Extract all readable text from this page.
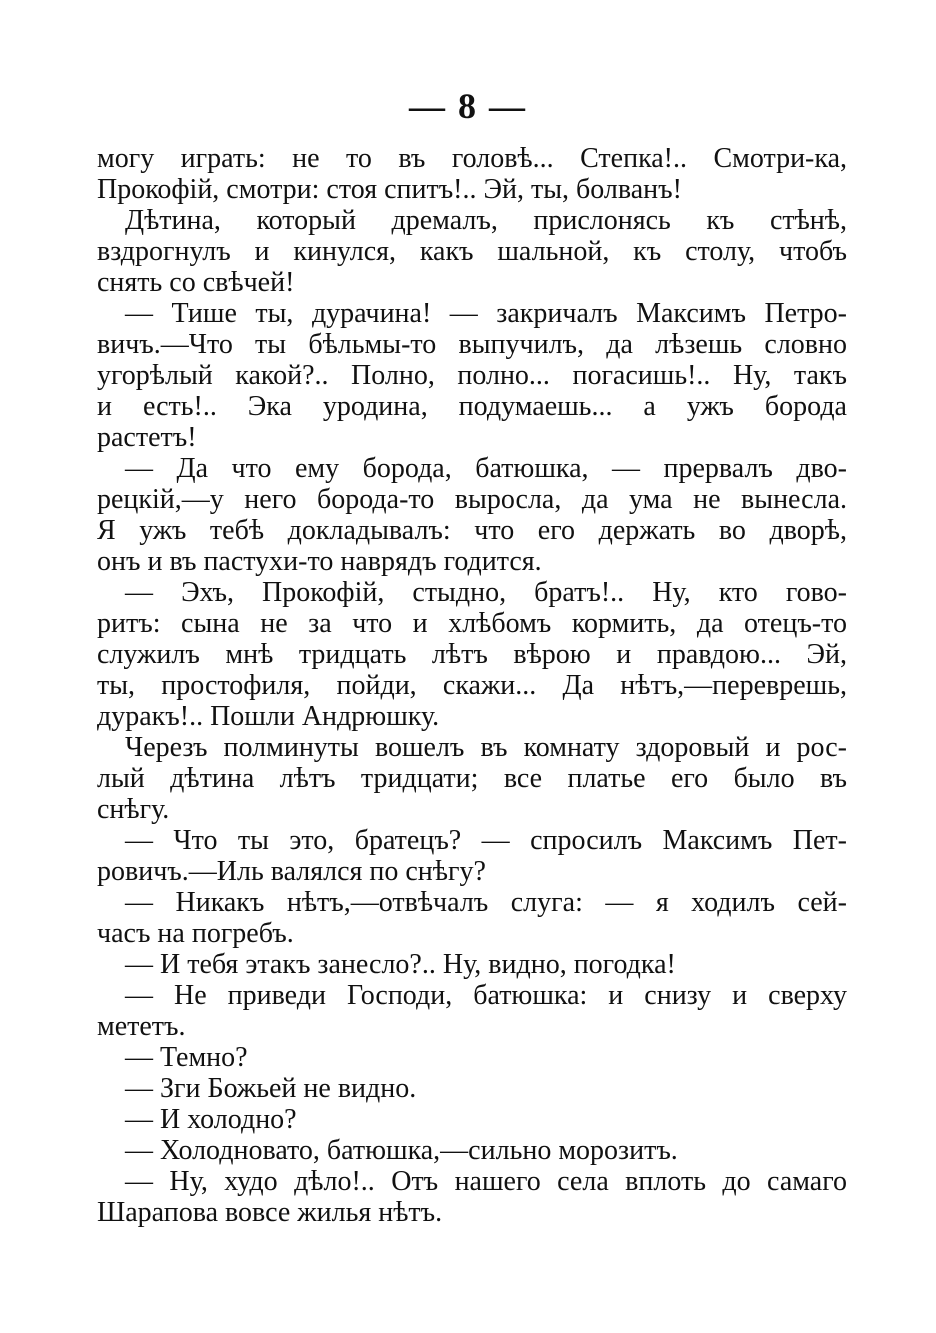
— 8 —
могу играть: не то въ головѣ... Степка!.. Смотри-ка,
Прокофій, смотри: стоя спитъ!.. Эй, ты, болванъ!
Дѣтина, который дремалъ, прислонясь къ стѣнѣ,
вздрогнулъ и кинулся, какъ шальной, къ столу, чтобъ
снять со свѣчей!
— Тише ты, дурачина! — закричалъ Максимъ Петро-
вичъ.—Что ты бѣльмы-то выпучилъ, да лѣзешь словно
угорѣлый какой?.. Полно, полно... погасишь!.. Ну, такъ
и есть!.. Эка уродина, подумаешь... а ужъ борода
растетъ!
— Да что ему борода, батюшка, — прервалъ дво-
рецкій,—у него борода-то выросла, да ума не вынесла.
Я ужъ тебѣ докладывалъ: что его держать во дворѣ,
онъ и въ пастухи-то наврядъ годится.
— Эхъ, Прокофій, стыдно, братъ!.. Ну, кто гово-
ритъ: сына не за что и хлѣбомъ кормить, да отецъ-то
служилъ мнѣ тридцать лѣтъ вѣрою и правдою... Эй,
ты, простофиля, пойди, скажи... Да нѣтъ,—переврешь,
дуракъ!.. Пошли Андрюшку.
Черезъ полминуты вошелъ въ комнату здоровый и рос-
лый дѣтина лѣтъ тридцати; все платье его было въ
снѣгу.
— Что ты это, братецъ? — спросилъ Максимъ Пет-
ровичъ.—Иль валялся по снѣгу?
— Никакъ нѣтъ,—отвѣчалъ слуга: — я ходилъ сей-
часъ на погребъ.
— И тебя этакъ занесло?.. Ну, видно, погодка!
— Не приведи Господи, батюшка: и снизу и сверху
мететъ.
— Темно?
— Зги Божьей не видно.
— И холодно?
— Холодновато, батюшка,—сильно морозитъ.
— Ну, худо дѣло!.. Отъ нашего села вплоть до самаго
Шарапова вовсе жилья нѣтъ.
